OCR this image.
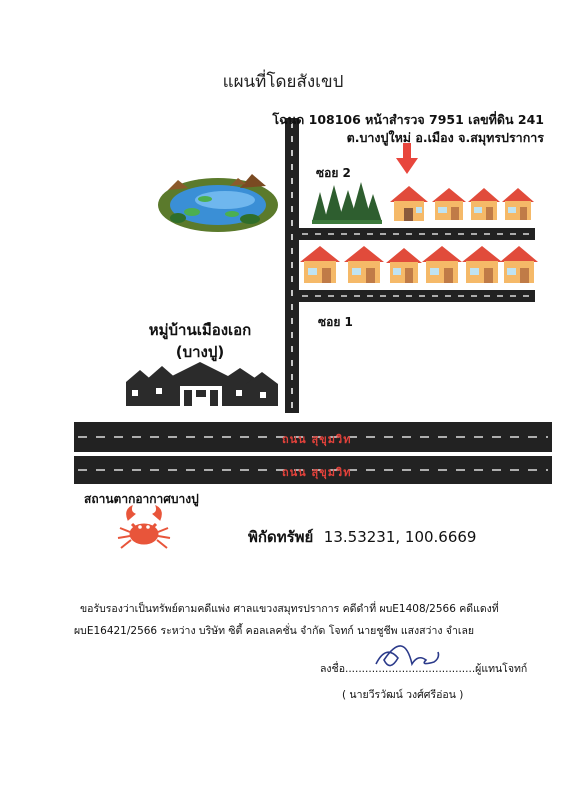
แผนที่โดยสังเขป
โฉนด 108106 หน้าสำรวจ 7951 เลขที่ดิน 241
ต.บางปูใหม่ อ.เมือง จ.สมุทรปราการ
ซอย 2
ซอย 1
หมู่บ้านเมืองเอก
(บางปู)
ถนน สุขุมวิท
ถนน สุขุมวิท
สถานตากอากาศบางปู
พิกัดทรัพย์ 13.53231, 100.6669
ขอรับรองว่าเป็นทรัพย์ตามคดีแพ่ง ศาลแขวงสมุทรปราการ คดีดำที่ ผบE1408/2566 คดีแดงที่
ผบE16421/2566 ระหว่าง บริษัท ซิตี้ คอลเลคชั่น จำกัด โจทก์ นายชูชีพ แสงสว่าง จำเลย
ลงชื่อ.......................................ผู้แทนโจทก์
( นายวีรวัฒน์ วงศ์ศรีอ่อน )
